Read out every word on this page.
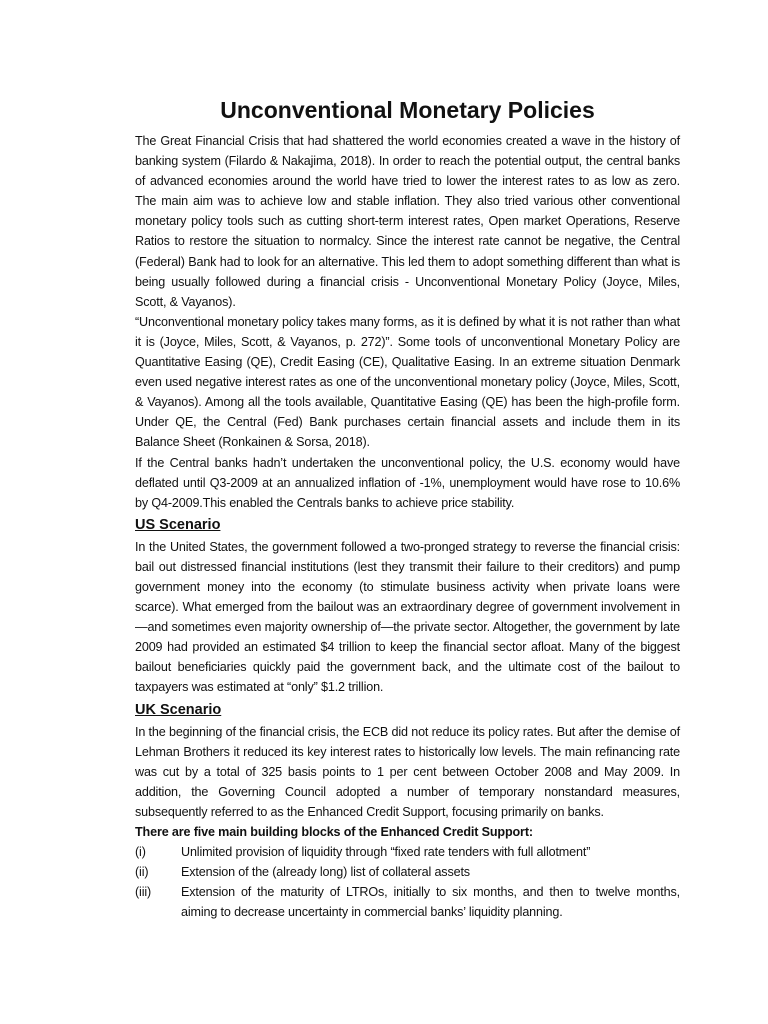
Unconventional Monetary Policies

The Great Financial Crisis that had shattered the world economies created a wave in the history of banking system (Filardo & Nakajima, 2018). In order to reach the potential output, the central banks of advanced economies around the world have tried to lower the interest rates to as low as zero. The main aim was to achieve low and stable inflation. They also tried various other conventional monetary policy tools such as cutting short-term interest rates, Open market Operations, Reserve Ratios to restore the situation to normalcy. Since the interest rate cannot be negative, the Central (Federal) Bank had to look for an alternative. This led them to adopt something different than what is being usually followed during a financial crisis - Unconventional Monetary Policy (Joyce, Miles, Scott, & Vayanos).

“Unconventional monetary policy takes many forms, as it is defined by what it is not rather than what it is (Joyce, Miles, Scott, & Vayanos, p. 272)”. Some tools of unconventional Monetary Policy are Quantitative Easing (QE), Credit Easing (CE), Qualitative Easing. In an extreme situation Denmark even used negative interest rates as one of the unconventional monetary policy (Joyce, Miles, Scott, & Vayanos). Among all the tools available, Quantitative Easing (QE) has been the high-profile form. Under QE, the Central (Fed) Bank purchases certain financial assets and include them in its Balance Sheet (Ronkainen & Sorsa, 2018).

If the Central banks hadn’t undertaken the unconventional policy, the U.S. economy would have deflated until Q3-2009 at an annualized inflation of -1%, unemployment would have rose to 10.6% by Q4-2009.This enabled the Centrals banks to achieve price stability.

US Scenario

In the United States, the government followed a two-pronged strategy to reverse the financial crisis: bail out distressed financial institutions (lest they transmit their failure to their creditors) and pump government money into the economy (to stimulate business activity when private loans were scarce). What emerged from the bailout was an extraordinary degree of government involvement in—and sometimes even majority ownership of—the private sector. Altogether, the government by late 2009 had provided an estimated $4 trillion to keep the financial sector afloat. Many of the biggest bailout beneficiaries quickly paid the government back, and the ultimate cost of the bailout to taxpayers was estimated at “only” $1.2 trillion.

UK Scenario

In the beginning of the financial crisis, the ECB did not reduce its policy rates. But after the demise of Lehman Brothers it reduced its key interest rates to historically low levels. The main refinancing rate was cut by a total of 325 basis points to 1 per cent between October 2008 and May 2009. In addition, the Governing Council adopted a number of temporary nonstandard measures, subsequently referred to as the Enhanced Credit Support, focusing primarily on banks.

There are five main building blocks of the Enhanced Credit Support:

(i)	Unlimited provision of liquidity through “fixed rate tenders with full allotment”
(ii)	Extension of the (already long) list of collateral assets
(iii)	Extension of the maturity of LTROs, initially to six months, and then to twelve months, aiming to decrease uncertainty in commercial banks’ liquidity planning.
